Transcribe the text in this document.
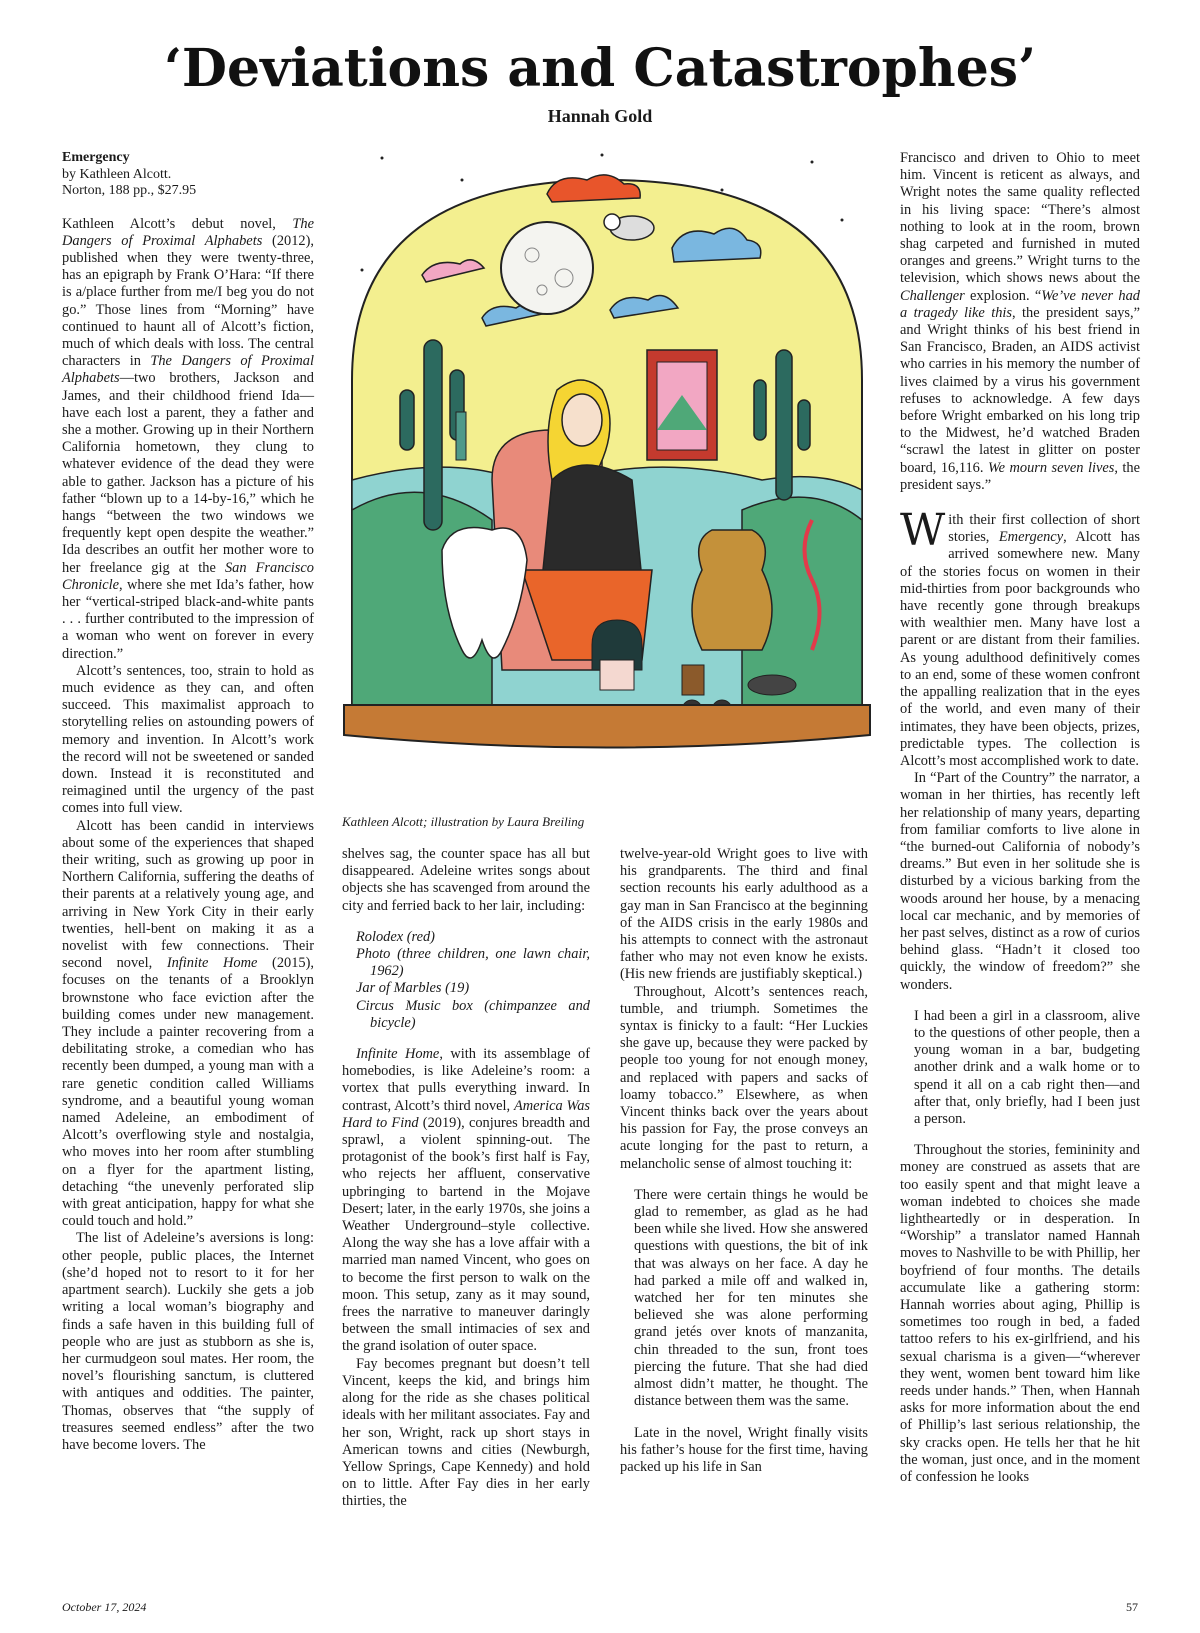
‘Deviations and Catastrophes’
Hannah Gold
Emergency
by Kathleen Alcott.
Norton, 188 pp., $27.95

Kathleen Alcott’s debut novel, The Dangers of Proximal Alphabets (2012), published when they were twenty-three, has an epigraph by Frank O’Hara: “If there is a/place further from me/I beg you do not go.” Those lines from “Morning” have continued to haunt all of Alcott’s fiction, much of which deals with loss. The central characters in The Dangers of Proximal Alphabets—two brothers, Jackson and James, and their childhood friend Ida—have each lost a parent, they a father and she a mother. Growing up in their Northern California hometown, they clung to whatever evidence of the dead they were able to gather. Jackson has a picture of his father “blown up to a 14-by-16,” which he hangs “between the two windows we frequently kept open despite the weather.” Ida describes an outfit her mother wore to her freelance gig at the San Francisco Chronicle, where she met Ida’s father, how her “vertical-striped black-and-white pants . . . further contributed to the impression of a woman who went on forever in every direction.”

Alcott’s sentences, too, strain to hold as much evidence as they can, and often succeed. This maximalist approach to storytelling relies on astounding powers of memory and invention. In Alcott’s work the record will not be sweetened or sanded down. Instead it is reconstituted and reimagined until the urgency of the past comes into full view.

Alcott has been candid in interviews about some of the experiences that shaped their writing, such as growing up poor in Northern California, suffering the deaths of their parents at a relatively young age, and arriving in New York City in their early twenties, hell-bent on making it as a novelist with few connections. Their second novel, Infinite Home (2015), focuses on the tenants of a Brooklyn brownstone who face eviction after the building comes under new management. They include a painter recovering from a debilitating stroke, a comedian who has recently been dumped, a young man with a rare genetic condition called Williams syndrome, and a beautiful young woman named Adeleine, an embodiment of Alcott’s overflowing style and nostalgia, who moves into her room after stumbling on a flyer for the apartment listing, detaching “the unevenly perforated slip with great anticipation, happy for what she could touch and hold.”

The list of Adeleine’s aversions is long: other people, public places, the Internet (she’d hoped not to resort to it for her apartment search). Luckily she gets a job writing a local woman’s biography and finds a safe haven in this building full of people who are just as stubborn as she is, her curmudgeon soul mates. Her room, the novel’s flourishing sanctum, is cluttered with antiques and oddities. The painter, Thomas, observes that “the supply of treasures seemed endless” after the two have become lovers. The

Kathleen Alcott; illustration by Laura Breiling

shelves sag, the counter space has all but disappeared. Adeleine writes songs about objects she has scavenged from around the city and ferried back to her lair, including:

Rolodex (red)
Photo (three children, one lawn chair, 1962)
Jar of Marbles (19)
Circus Music box (chimpanzee and bicycle)

Infinite Home, with its assemblage of homebodies, is like Adeleine’s room: a vortex that pulls everything inward. In contrast, Alcott’s third novel, America Was Hard to Find (2019), conjures breadth and sprawl, a violent spinning-out. The protagonist of the book’s first half is Fay, who rejects her affluent, conservative upbringing to bartend in the Mojave Desert; later, in the early 1970s, she joins a Weather Underground–style collective. Along the way she has a love affair with a married man named Vincent, who goes on to become the first person to walk on the moon. This setup, zany as it may sound, frees the narrative to maneuver daringly between the small intimacies of sex and the grand isolation of outer space.

Fay becomes pregnant but doesn’t tell Vincent, keeps the kid, and brings him along for the ride as she chases political ideals with her militant associates. Fay and her son, Wright, rack up short stays in American towns and cities (Newburgh, Yellow Springs, Cape Kennedy) and hold on to little. After Fay dies in her early thirties, the

twelve-year-old Wright goes to live with his grandparents. The third and final section recounts his early adulthood as a gay man in San Francisco at the beginning of the AIDS crisis in the early 1980s and his attempts to connect with the astronaut father who may not even know he exists. (His new friends are justifiably skeptical.)

Throughout, Alcott’s sentences reach, tumble, and triumph. Sometimes the syntax is finicky to a fault: “Her Luckies she gave up, because they were packed by people too young for not enough money, and replaced with papers and sacks of loamy tobacco.” Elsewhere, as when Vincent thinks back over the years about his passion for Fay, the prose conveys an acute longing for the past to return, a melancholic sense of almost touching it:

There were certain things he would be glad to remember, as glad as he had been while she lived. How she answered questions with questions, the bit of ink that was always on her face. A day he had parked a mile off and walked in, watched her for ten minutes she believed she was alone performing grand jetés over knots of manzanita, chin threaded to the sun, front toes piercing the future. That she had died almost didn’t matter, he thought. The distance between them was the same.

Late in the novel, Wright finally visits his father’s house for the first time, having packed up his life in San

Francisco and driven to Ohio to meet him. Vincent is reticent as always, and Wright notes the same quality reflected in his living space: “There’s almost nothing to look at in the room, brown shag carpeted and furnished in muted oranges and greens.” Wright turns to the television, which shows news about the Challenger explosion. “We’ve never had a tragedy like this, the president says,” and Wright thinks of his best friend in San Francisco, Braden, an AIDS activist who carries in his memory the number of lives claimed by a virus his government refuses to acknowledge. A few days before Wright embarked on his long trip to the Midwest, he’d watched Braden “scrawl the latest in glitter on poster board, 16,116. We mourn seven lives, the president says.”

With their first collection of short stories, Emergency, Alcott has arrived somewhere new. Many of the stories focus on women in their mid-thirties from poor backgrounds who have recently gone through breakups with wealthier men. Many have lost a parent or are distant from their families. As young adulthood definitively comes to an end, some of these women confront the appalling realization that in the eyes of the world, and even many of their intimates, they have been objects, prizes, predictable types. The collection is Alcott’s most accomplished work to date.

In “Part of the Country” the narrator, a woman in her thirties, has recently left her relationship of many years, departing from familiar comforts to live alone in “the burned-out California of nobody’s dreams.” But even in her solitude she is disturbed by a vicious barking from the woods around her house, by a menacing local car mechanic, and by memories of her past selves, distinct as a row of curios behind glass. “Hadn’t it closed too quickly, the window of freedom?” she wonders.

I had been a girl in a classroom, alive to the questions of other people, then a young woman in a bar, budgeting another drink and a walk home or to spend it all on a cab right then—and after that, only briefly, had I been just a person.

Throughout the stories, femininity and money are construed as assets that are too easily spent and that might leave a woman indebted to choices she made lightheartedly or in desperation. In “Worship” a translator named Hannah moves to Nashville to be with Phillip, her boyfriend of four months. The details accumulate like a gathering storm: Hannah worries about aging, Phillip is sometimes too rough in bed, a faded tattoo refers to his ex-girlfriend, and his sexual charisma is a given—“wherever they went, women bent toward him like reeds under hands.” Then, when Hannah asks for more information about the end of Phillip’s last serious relationship, the sky cracks open. He tells her that he hit the woman, just once, and in the moment of confession he looks

October 17, 2024	57
